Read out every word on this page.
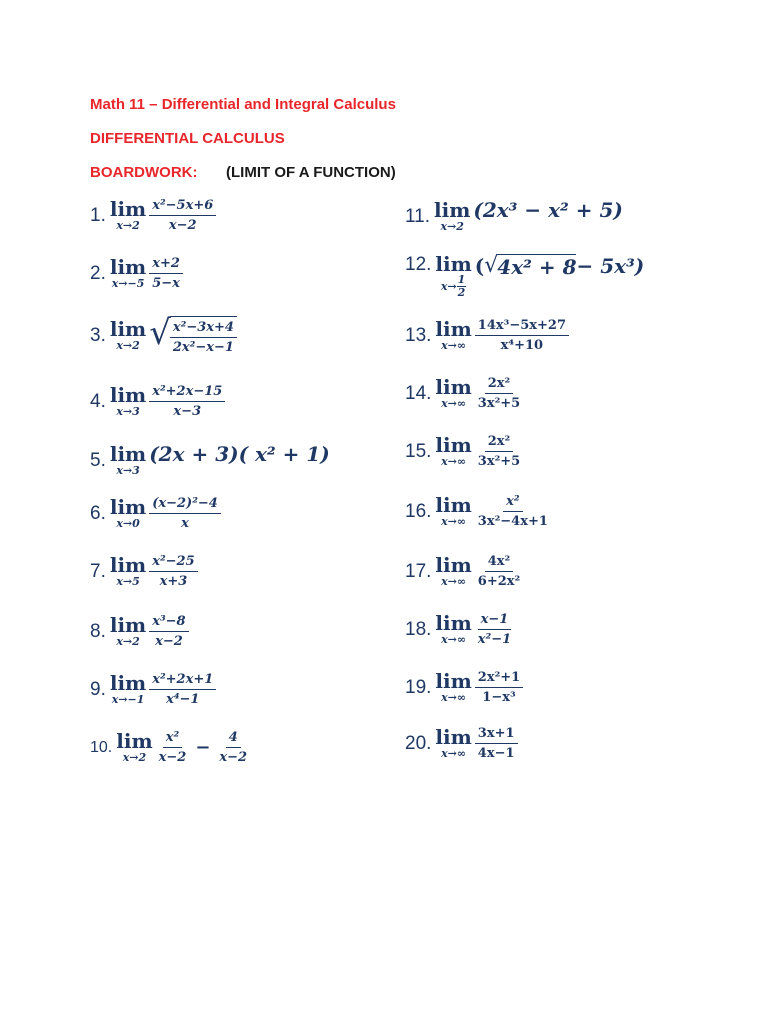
Math 11 – Differential and Integral Calculus
DIFFERENTIAL CALCULUS
BOARDWORK: (LIMIT OF A FUNCTION)
1. lim
$x\to 2 \frac{\text{x²−5x+6}}{x-2}$
2. lim
$x\to-5 \frac{x+2}{5-x}$
3. lim
x→2 √ $\frac{\text{x²−3x+4}}{\text{2x²−x−1}}$
4. lim
$x\to 3 \frac{\text{x²+2x−15}}{x-3}$
5. lim
x→3
(2x + 3)( x² + 1)
6. lim
$x\to 0 \frac{\text{(x−2)²−4}}{x}$
7. lim
$x\to 5 \frac{\text{x²−25}}{x+3}$
8. lim
$x\to 2 \frac{\text{x³−8}}{x-2}$
9. lim
$x\to-1 \frac{\text{x²+2x+1}}{\text{x⁴−1}}$
10. lim
$x\to 2 \frac{\text{x²}}{x-2} - \frac{4}{x-2}$
11. lim
x→2
(2x³ − x² + 5)
12. lim
x→
1
2
( √ 4x² + 8 − 5x³)
13. lim
$x\to\infty \frac{\text{14x³−5x+27}}{\text{x⁴+10}}$
14. lim
$x\to\infty \frac{\text{2x²}}{\text{3x²+5}}$
15. lim
$x\to\infty \frac{\text{2x²}}{\text{3x²+5}}$
16. lim
$x\to\infty \frac{\text{x²}}{\text{3x²−4x+1}}$
17. lim
$x\to\infty \frac{\text{4x²}}{\text{6+2x²}}$
18. lim
$x\to\infty \frac{x-1}{\text{x²−1}}$
19. lim
$x\to\infty \frac{\text{2x²+1}}{\text{1−x³}}$
20. lim
$x\to\infty \frac{3x+1}{4x-1}$
